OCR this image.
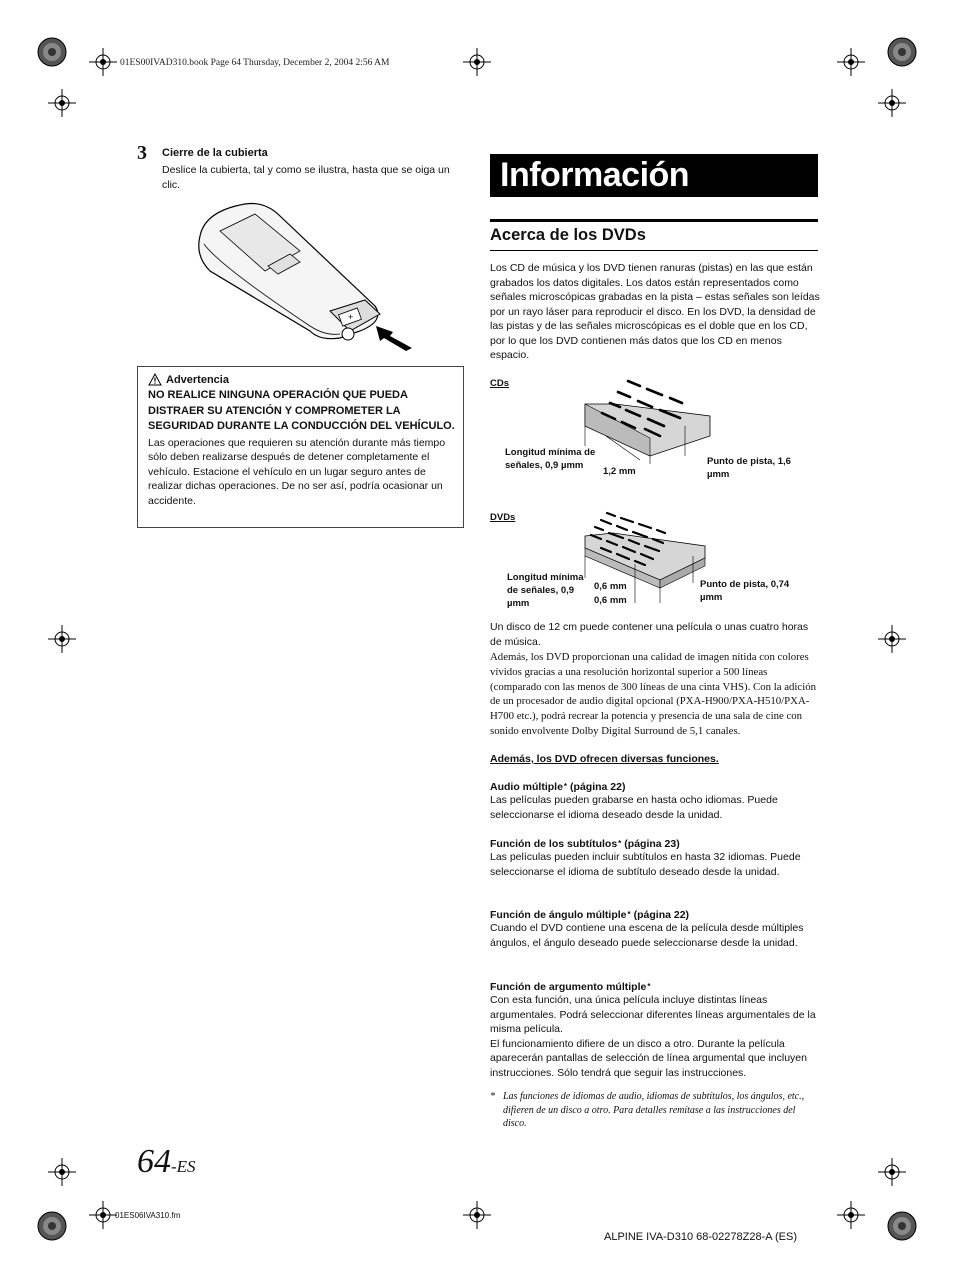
01ES00IVAD310.book Page 64 Thursday, December 2, 2004 2:56 AM
3 Cierre de la cubierta
Deslice la cubierta, tal y como se ilustra, hasta que se oiga un clic.
+
Advertencia
NO REALICE NINGUNA OPERACIÓN QUE PUEDA DISTRAER SU ATENCIÓN Y COMPROMETER LA SEGURIDAD DURANTE LA CONDUCCIÓN DEL VEHÍCULO.
Las operaciones que requieren su atención durante más tiempo sólo deben realizarse después de detener completamente el vehículo. Estacione el vehículo en un lugar seguro antes de realizar dichas operaciones. De no ser así, podría ocasionar un accidente.
Información
Acerca de los DVDs
Los CD de música y los DVD tienen ranuras (pistas) en las que están grabados los datos digitales. Los datos están representados como señales microscópicas grabadas en la pista – estas señales son leídas por un rayo láser para reproducir el disco. En los DVD, la densidad de las pistas y de las señales microscópicas es el doble que en los CD, por lo que los DVD contienen más datos que los CD en menos espacio.
CDs
Longitud mínima de señales, 0,9 µmm
1,2 mm
Punto de pista, 1,6 µmm
DVDs
Longitud mínima de señales, 0,9 µmm
0,6 mm
0,6 mm
Punto de pista, 0,74 µmm
Un disco de 12 cm puede contener una película o unas cuatro horas de música.
Además, los DVD proporcionan una calidad de imagen nítida con colores vívidos gracias a una resolución horizontal superior a 500 líneas (comparado con las menos de 300 líneas de una cinta VHS). Con la adición de un procesador de audio digital opcional (PXA-H900/PXA-H510/PXA-H700 etc.), podrá recrear la potencia y presencia de una sala de cine con sonido envolvente Dolby Digital Surround de 5,1 canales.
Además, los DVD ofrecen diversas funciones.
Audio múltiple* (página 22)
Las películas pueden grabarse en hasta ocho idiomas. Puede seleccionarse el idioma deseado desde la unidad.
Función de los subtítulos* (página 23)
Las películas pueden incluir subtítulos en hasta 32 idiomas. Puede seleccionarse el idioma de subtítulo deseado desde la unidad.
Función de ángulo múltiple* (página 22)
Cuando el DVD contiene una escena de la película desde múltiples ángulos, el ángulo deseado puede seleccionarse desde la unidad.
Función de argumento múltiple*
Con esta función, una única película incluye distintas líneas argumentales. Podrá seleccionar diferentes líneas argumentales de la misma película.
El funcionamiento difiere de un disco a otro. Durante la película aparecerán pantallas de selección de línea argumental que incluyen instrucciones. Sólo tendrá que seguir las instrucciones.
* Las funciones de idiomas de audio, idiomas de subtítulos, los ángulos, etc., difieren de un disco a otro. Para detalles remítase a las instrucciones del disco.
64-ES
01ES06IVA310.fm
ALPINE IVA-D310 68-02278Z28-A (ES)
